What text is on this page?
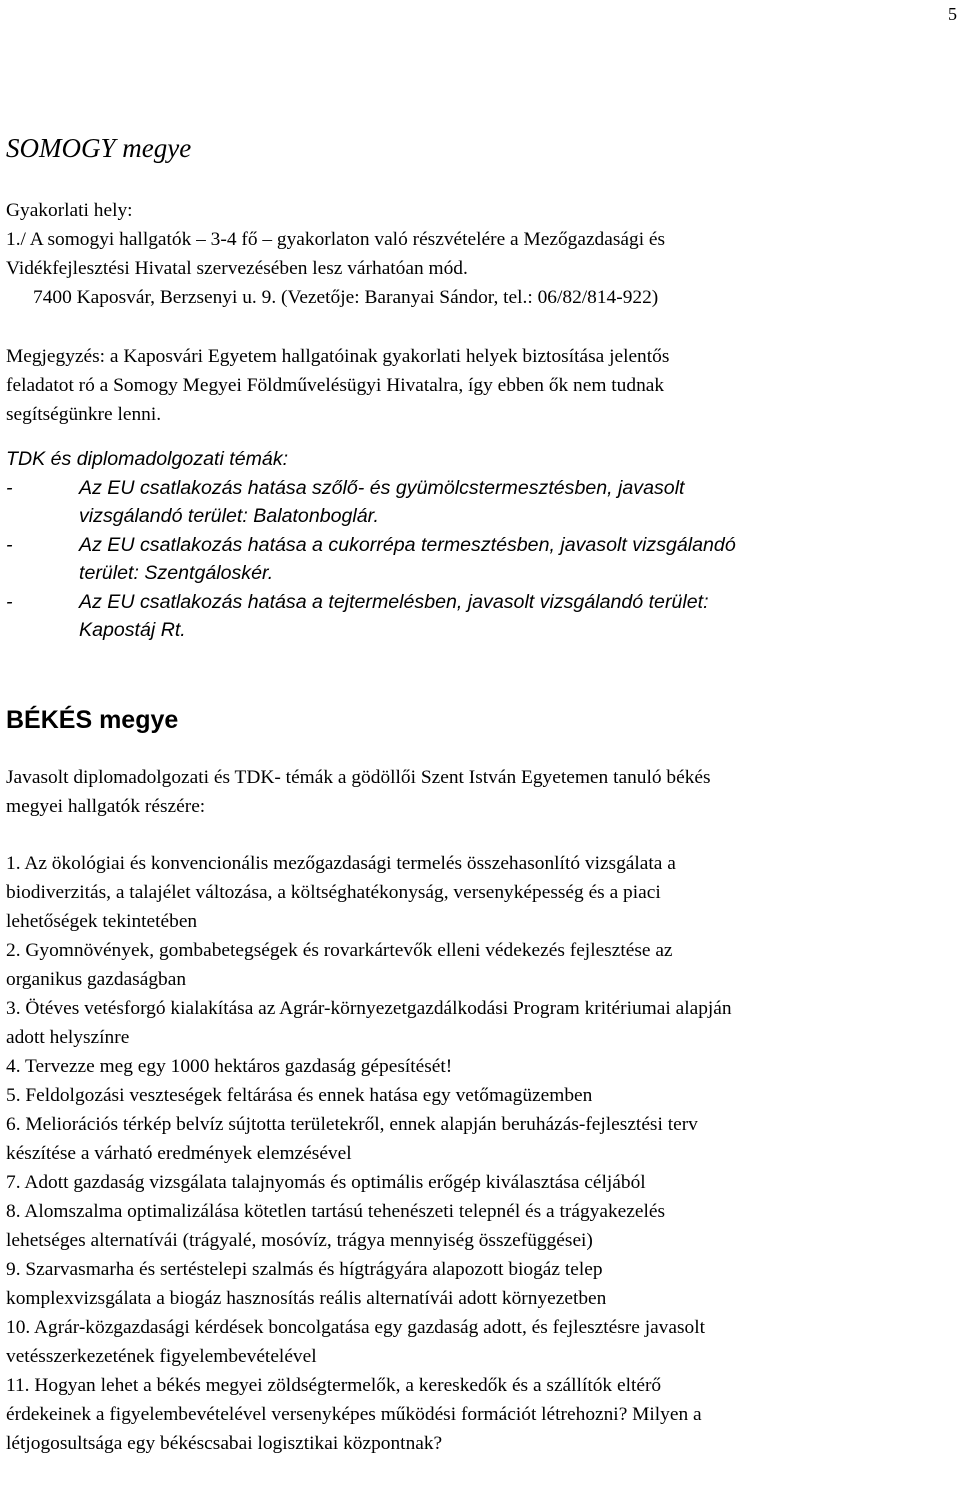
5
SOMOGY megye

Gyakorlati hely:

1./ A somogyi hallgatók – 3-4 fő – gyakorlaton való részvételére a Mezőgazdasági és

Vidékfejlesztési Hivatal szervezésében lesz várhatóan mód.

7400 Kaposvár, Berzsenyi u. 9. (Vezetője: Baranyai Sándor, tel.: 06/82/814-922)

Megjegyzés: a Kaposvári Egyetem hallgatóinak gyakorlati helyek biztosítása jelentős

feladatot ró a Somogy Megyei Földművelésügyi Hivatalra, így ebben ők nem tudnak

segítségünkre lenni.

TDK és diplomadolgozati témák:

-	Az EU csatlakozás hatása szőlő- és gyümölcstermesztésben, javasolt
vizsgálandó terület: Balatonboglár.
-	Az EU csatlakozás hatása a cukorrépa termesztésben, javasolt vizsgálandó
terület: Szentgáloskér.
-	Az EU csatlakozás hatása a tejtermelésben, javasolt vizsgálandó terület:
Kapostáj Rt.
BÉKÉS megye

Javasolt diplomadolgozati és TDK- témák a gödöllői Szent István Egyetemen tanuló békés

megyei hallgatók részére:

1. Az ökológiai és konvencionális mezőgazdasági termelés összehasonlító vizsgálata a

biodiverzitás, a talajélet változása, a költséghatékonyság, versenyképesség és a piaci

lehetőségek tekintetében

2. Gyomnövények, gombabetegségek és rovarkártevők elleni védekezés fejlesztése az

organikus gazdaságban

3. Ötéves vetésforgó kialakítása az Agrár-környezetgazdálkodási Program kritériumai alapján

adott helyszínre

4. Tervezze meg egy 1000 hektáros gazdaság gépesítését!

5. Feldolgozási veszteségek feltárása és ennek hatása egy vetőmagüzemben

6. Meliorációs térkép belvíz sújtotta területekről, ennek alapján beruházás-fejlesztési terv

készítése a várható eredmények elemzésével

7. Adott gazdaság vizsgálata talajnyomás és optimális erőgép kiválasztása céljából

8. Alomszalma optimalizálása kötetlen tartású tehenészeti telepnél és a trágyakezelés

lehetséges alternatívái (trágyalé, mosóvíz, trágya mennyiség összefüggései)

9. Szarvasmarha és sertéstelepi szalmás és hígtrágyára alapozott biogáz telep

komplexvizsgálata a biogáz hasznosítás reális alternatívái adott környezetben

10. Agrár-közgazdasági kérdések boncolgatása egy gazdaság adott, és fejlesztésre javasolt

vetésszerkezetének figyelembevételével

11. Hogyan lehet a békés megyei zöldségtermelők, a kereskedők és a szállítók eltérő

érdekeinek a figyelembevételével versenyképes működési formációt létrehozni? Milyen a

létjogosultsága egy békéscsabai logisztikai központnak?
